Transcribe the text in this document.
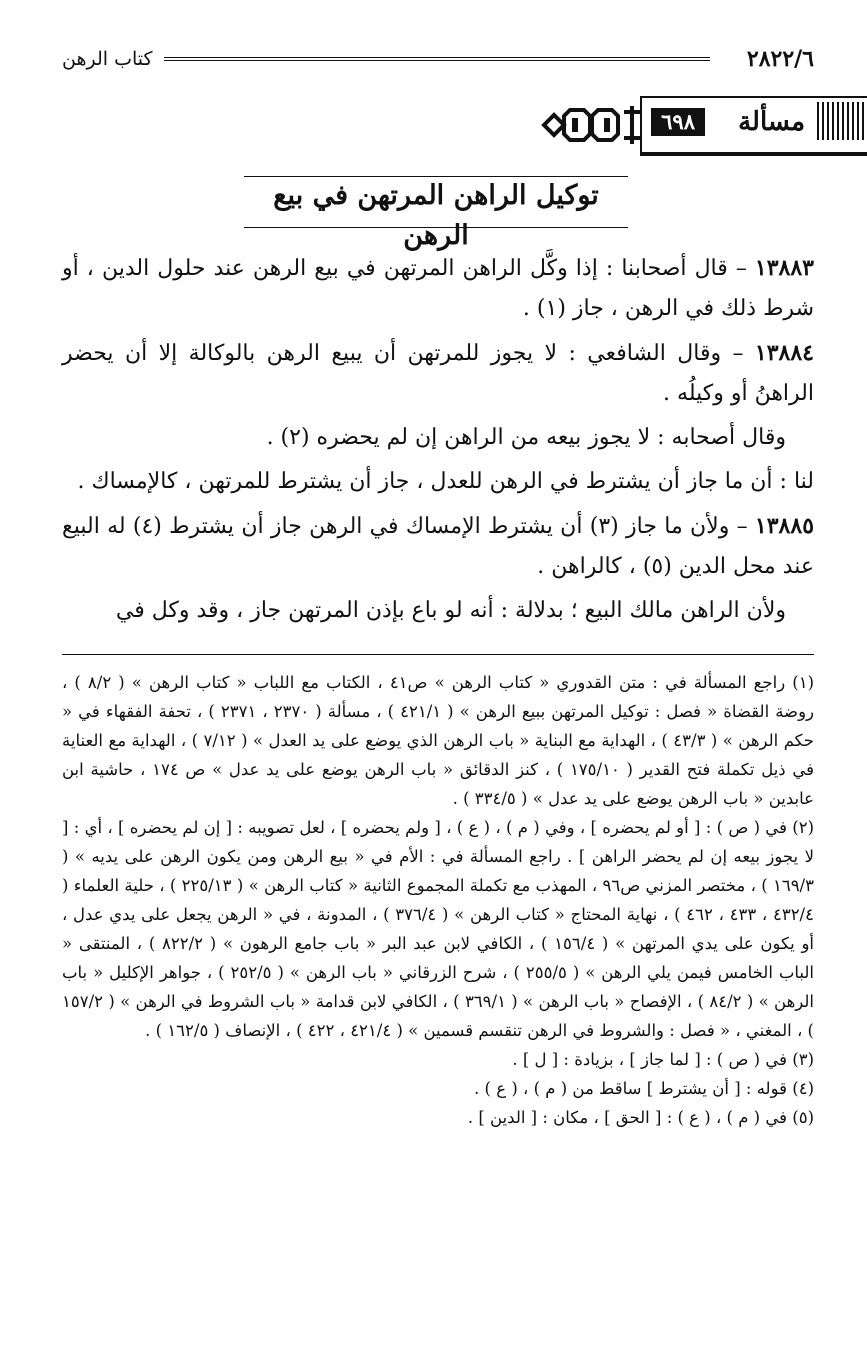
٢٨٢٢/٦
كتاب الرهن
مسألة
٦٩٨
توكيل الراهن المرتهن في بيع الرهن

١٣٨٨٣ – قال أصحابنا : إذا وكَّل الراهن المرتهن في بيع الرهن عند حلول الدين ، أو شرط ذلك في الرهن ، جاز (١) .

١٣٨٨٤ – وقال الشافعي : لا يجوز للمرتهن أن يبيع الرهن بالوكالة إلا أن يحضر الراهنُ أو وكيلُه .

وقال أصحابه : لا يجوز بيعه من الراهن إن لم يحضره (٢) .

لنا : أن ما جاز أن يشترط في الرهن للعدل ، جاز أن يشترط للمرتهن ، كالإمساك .

١٣٨٨٥ – ولأن ما جاز (٣) أن يشترط الإمساك في الرهن جاز أن يشترط (٤) له البيع عند محل الدين (٥) ، كالراهن .

ولأن الراهن مالك البيع ؛ بدلالة : أنه لو باع بإذن المرتهن جاز ، وقد وكل في

(١) راجع المسألة في : متن القدوري « كتاب الرهن » ص٤١ ، الكتاب مع اللباب « كتاب الرهن » ( ٨/٢ ) ، روضة القضاة « فصل : توكيل المرتهن ببيع الرهن » ( ٤٢١/١ ) ، مسألة ( ٢٣٧٠ ، ٢٣٧١ ) ، تحفة الفقهاء في « حكم الرهن » ( ٤٣/٣ ) ، الهداية مع البناية « باب الرهن الذي يوضع على يد العدل » ( ٧/١٢ ) ، الهداية مع العناية في ذيل تكملة فتح القدير ( ١٧٥/١٠ ) ، كنز الدقائق « باب الرهن يوضع على يد عدل » ص ١٧٤ ، حاشية ابن عابدين « باب الرهن يوضع على يد عدل » ( ٣٣٤/٥ ) .

(٢) في ( ص ) : [ أو لم يحضره ] ، وفي ( م ) ، ( ع ) ، [ ولم يحضره ] ، لعل تصويبه : [ إن لم يحضره ] ، أي : [ لا يجوز بيعه إن لم يحضر الراهن ] . راجع المسألة في : الأم في « بيع الرهن ومن يكون الرهن على يديه » ( ١٦٩/٣ ) ، مختصر المزني ص٩٦ ، المهذب مع تكملة المجموع الثانية « كتاب الرهن » ( ٢٢٥/١٣ ) ، حلية العلماء ( ٤٣٢/٤ ، ٤٣٣ ، ٤٦٢ ) ، نهاية المحتاج « كتاب الرهن » ( ٣٧٦/٤ ) ، المدونة ، في « الرهن يجعل على يدي عدل ، أو يكون على يدي المرتهن » ( ١٥٦/٤ ) ، الكافي لابن عبد البر « باب جامع الرهون » ( ٨٢٢/٢ ) ، المنتقى « الباب الخامس فيمن يلي الرهن » ( ٢٥٥/٥ ) ، شرح الزرقاني « باب الرهن » ( ٢٥٢/٥ ) ، جواهر الإكليل « باب الرهن » ( ٨٤/٢ ) ، الإفصاح « باب الرهن » ( ٣٦٩/١ ) ، الكافي لابن قدامة « باب الشروط في الرهن » ( ١٥٧/٢ ) ، المغني ، « فصل : والشروط في الرهن تنقسم قسمين » ( ٤٢١/٤ ، ٤٢٢ ) ، الإنصاف ( ١٦٢/٥ ) .

(٣) في ( ص ) : [ لما جاز ] ، بزيادة : [ ل ] .

(٤) قوله : [ أن يشترط ] ساقط من ( م ) ، ( ع ) .

(٥) في ( م ) ، ( ع ) : [ الحق ] ، مكان : [ الدين ] .
